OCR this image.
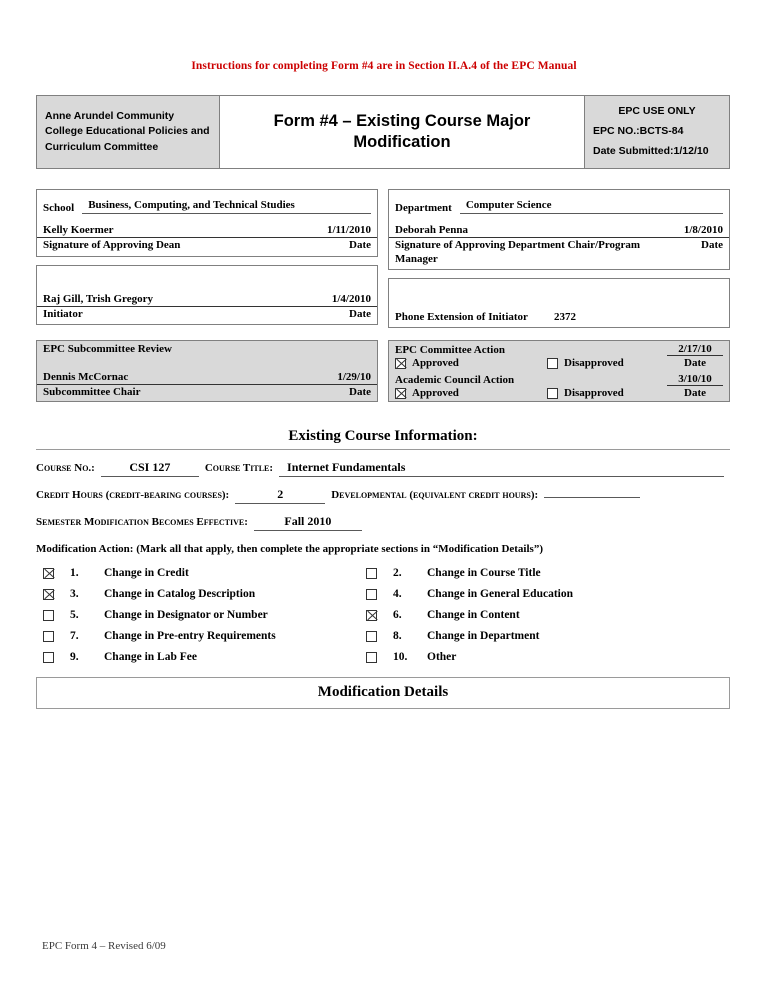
Instructions for completing Form #4 are in Section II.A.4 of the EPC Manual
Anne Arundel Community College Educational Policies and Curriculum Committee	Form #4 – Existing Course Major Modification	
EPC USE ONLY
EPC NO.:BCTS-84
Date Submitted:1/12/10
School	Business, Computing, and Technical Studies
Kelly Koermer	1/11/2010
Signature of Approving Dean	Date
Raj Gill, Trish Gregory	1/4/2010
Initiator	Date
Department	Computer Science
Deborah Penna	1/8/2010
Signature of Approving Department Chair/Program Manager
Date
Phone Extension of Initiator	2372
EPC Subcommittee Review
Dennis McCornac	1/29/10
Subcommittee Chair	Date
EPC Committee Action	2/17/10
Approved	Disapproved	Date
Academic Council Action	3/10/10
Approved	Disapproved	Date
Existing Course Information:
Course No.:	CSI 127	Course Title:	Internet Fundamentals
Credit Hours (credit-bearing courses):	2	Developmental (equivalent credit hours):
Semester Modification Becomes Effective:	Fall 2010
Modification Action: (Mark all that apply, then complete the appropriate sections in “Modification Details”)
1.	Change in Credit	2.	Change in Course Title
3.	Change in Catalog Description	4.	Change in General Education
5.	Change in Designator or Number	6.	Change in Content
7.	Change in Pre-entry Requirements	8.	Change in Department
9.	Change in Lab Fee	10.	Other
Modification Details
EPC Form 4 – Revised 6/09
